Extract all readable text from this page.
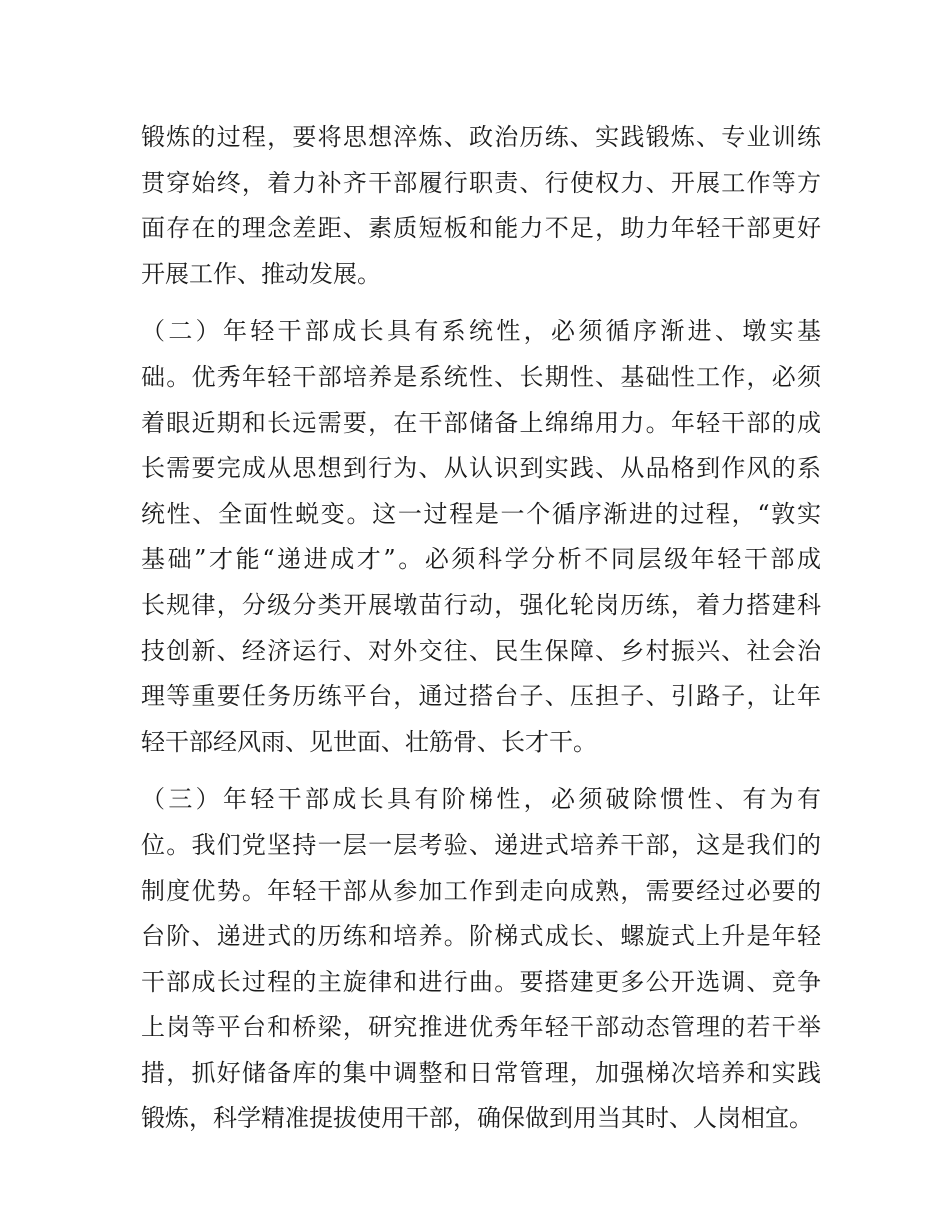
锻炼的过程，要将思想淬炼、政治历练、实践锻炼、专业训练
贯穿始终，着力补齐干部履行职责、行使权力、开展工作等方
面存在的理念差距、素质短板和能力不足，助力年轻干部更好
开展工作、推动发展。
（二）年轻干部成长具有系统性，必须循序渐进、墩实基
础。优秀年轻干部培养是系统性、长期性、基础性工作，必须
着眼近期和长远需要，在干部储备上绵绵用力。年轻干部的成
长需要完成从思想到行为、从认识到实践、从品格到作风的系
统性、全面性蜕变。这一过程是一个循序渐进的过程，“敦实
基础”才能“递进成才”。必须科学分析不同层级年轻干部成
长规律，分级分类开展墩苗行动，强化轮岗历练，着力搭建科
技创新、经济运行、对外交往、民生保障、乡村振兴、社会治
理等重要任务历练平台，通过搭台子、压担子、引路子，让年
轻干部经风雨、见世面、壮筋骨、长才干。
（三）年轻干部成长具有阶梯性，必须破除惯性、有为有
位。我们党坚持一层一层考验、递进式培养干部，这是我们的
制度优势。年轻干部从参加工作到走向成熟，需要经过必要的
台阶、递进式的历练和培养。阶梯式成长、螺旋式上升是年轻
干部成长过程的主旋律和进行曲。要搭建更多公开选调、竞争
上岗等平台和桥梁，研究推进优秀年轻干部动态管理的若干举
措，抓好储备库的集中调整和日常管理，加强梯次培养和实践
锻炼，科学精准提拔使用干部，确保做到用当其时、人岗相宜。
